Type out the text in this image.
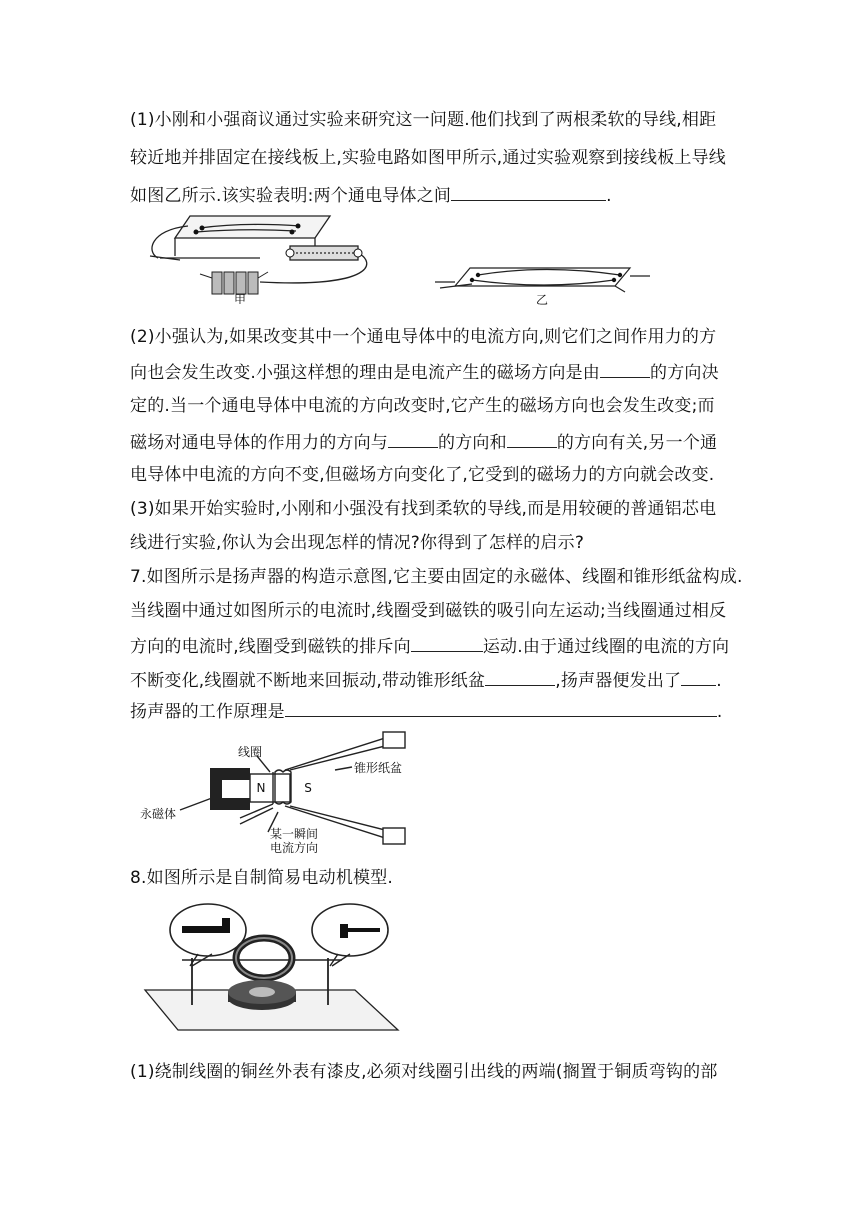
(1)小刚和小强商议通过实验来研究这一问题.他们找到了两根柔软的导线,相距
较近地并排固定在接线板上,实验电路如图甲所示,通过实验观察到接线板上导线
如图乙所示.该实验表明:两个通电导体之间	.
甲	乙
(2)小强认为,如果改变其中一个通电导体中的电流方向,则它们之间作用力的方
向也会发生改变.小强这样想的理由是电流产生的磁场方向是由	的方向决
定的.当一个通电导体中电流的方向改变时,它产生的磁场方向也会发生改变;而
磁场对通电导体的作用力的方向与	的方向和	的方向有关,另一个通
电导体中电流的方向不变,但磁场方向变化了,它受到的磁场力的方向就会改变.
(3)如果开始实验时,小刚和小强没有找到柔软的导线,而是用较硬的普通铝芯电
线进行实验,你认为会出现怎样的情况?你得到了怎样的启示?
7.如图所示是扬声器的构造示意图,它主要由固定的永磁体、线圈和锥形纸盆构成.
当线圈中通过如图所示的电流时,线圈受到磁铁的吸引向左运动;当线圈通过相反
方向的电流时,线圈受到磁铁的排斥向	运动.由于通过线圈的电流的方向
不断变化,线圈就不断地来回振动,带动锥形纸盆	,扬声器便发出了 .
扬声器的工作原理是	.
N	S
线圈
锥形纸盆
永磁体
某一瞬间
电流方向
8.如图所示是自制简易电动机模型.
(1)绕制线圈的铜丝外表有漆皮,必须对线圈引出线的两端(搁置于铜质弯钩的部
